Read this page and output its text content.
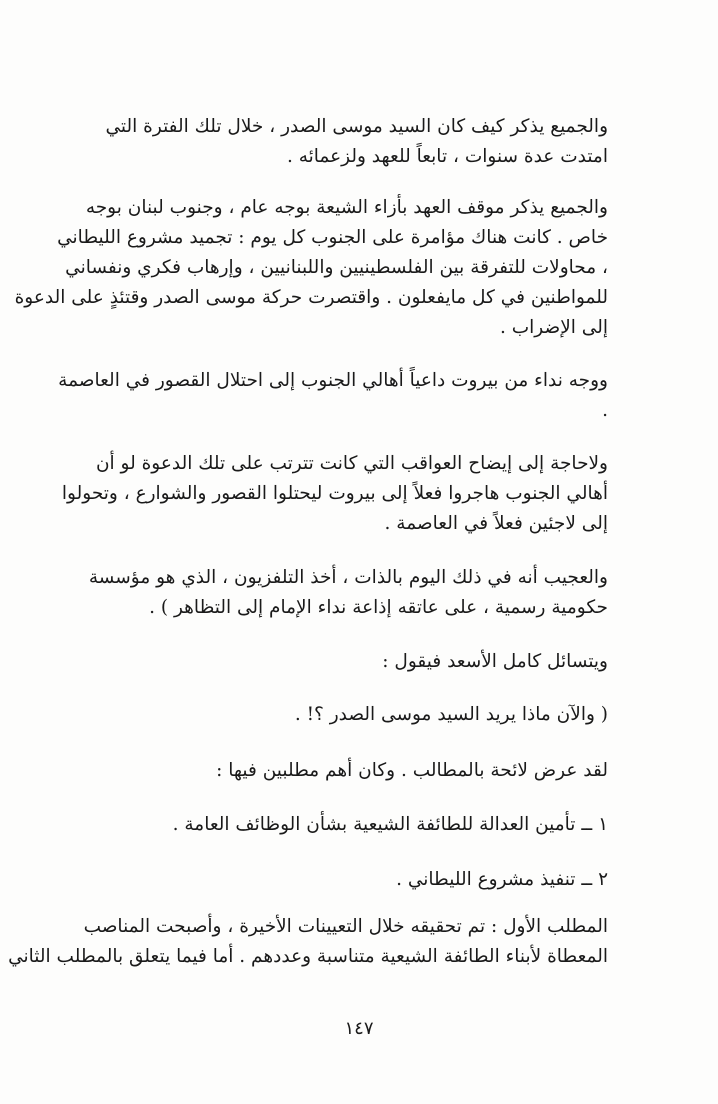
والجميع يذكر كيف كان السيد موسى الصدر ، خلال تلك الفترة التي
امتدت عدة سنوات ، تابعاً للعهد ولزعمائه .
والجميع يذكر موقف العهد بأزاء الشيعة بوجه عام ، وجنوب لبنان بوجه
خاص . كانت هناك مؤامرة على الجنوب كل يوم : تجميد مشروع الليطاني
، محاولات للتفرقة بين الفلسطينيين واللبنانيين ، وإرهاب فكري ونفساني
للمواطنين في كل مايفعلون . واقتصرت حركة موسى الصدر وقتئذٍ على الدعوة
إلى الإضراب .
ووجه نداء من بيروت داعياً أهالي الجنوب إلى احتلال القصور في العاصمة
.
ولاحاجة إلى إيضاح العواقب التي كانت تترتب على تلك الدعوة لو أن
أهالي الجنوب هاجروا فعلاً إلى بيروت ليحتلوا القصور والشوارع ، وتحولوا
إلى لاجئين فعلاً في العاصمة .
والعجيب أنه في ذلك اليوم بالذات ، أخذ التلفزيون ، الذي هو مؤسسة
حكومية رسمية ، على عاتقه إذاعة نداء الإمام إلى التظاهر ) .
ويتسائل كامل الأسعد فيقول :
( والآن ماذا يريد السيد موسى الصدر ؟! .
لقد عرض لائحة بالمطالب . وكان أهم مطلبين فيها :
١ ــ تأمين العدالة للطائفة الشيعية بشأن الوظائف العامة .
٢ ــ تنفيذ مشروع الليطاني .
المطلب الأول : تم تحقيقه خلال التعيينات الأخيرة ، وأصبحت المناصب
المعطاة لأبناء الطائفة الشيعية متناسبة وعددهم . أما فيما يتعلق بالمطلب الثاني
١٤٧
